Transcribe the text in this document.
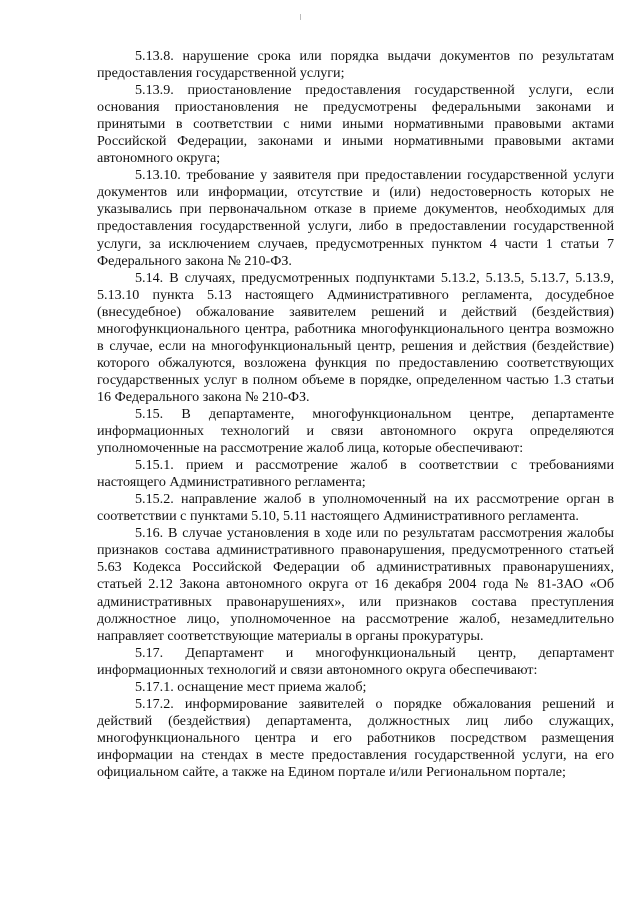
5.13.8. нарушение срока или порядка выдачи документов по результатам предоставления государственной услуги;

5.13.9. приостановление предоставления государственной услуги, если основания приостановления не предусмотрены федеральными законами и принятыми в соответствии с ними иными нормативными правовыми актами Российской Федерации, законами и иными нормативными правовыми актами автономного округа;

5.13.10. требование у заявителя при предоставлении государственной услуги документов или информации, отсутствие и (или) недостоверность которых не указывались при первоначальном отказе в приеме документов, необходимых для предоставления государственной услуги, либо в предоставлении государственной услуги, за исключением случаев, предусмотренных пунктом 4 части 1 статьи 7 Федерального закона № 210-ФЗ.

5.14. В случаях, предусмотренных подпунктами 5.13.2, 5.13.5, 5.13.7, 5.13.9, 5.13.10 пункта 5.13 настоящего Административного регламента, досудебное (внесудебное) обжалование заявителем решений и действий (бездействия) многофункционального центра, работника многофункционального центра возможно в случае, если на многофункциональный центр, решения и действия (бездействие) которого обжалуются, возложена функция по предоставлению соответствующих государственных услуг в полном объеме в порядке, определенном частью 1.3 статьи 16 Федерального закона № 210-ФЗ.

5.15. В департаменте, многофункциональном центре, департаменте информационных технологий и связи автономного округа определяются уполномоченные на рассмотрение жалоб лица, которые обеспечивают:

5.15.1. прием и рассмотрение жалоб в соответствии с требованиями настоящего Административного регламента;

5.15.2. направление жалоб в уполномоченный на их рассмотрение орган в соответствии с пунктами 5.10, 5.11 настоящего Административного регламента.

5.16. В случае установления в ходе или по результатам рассмотрения жалобы признаков состава административного правонарушения, предусмотренного статьей 5.63 Кодекса Российской Федерации об административных правонарушениях, статьей 2.12 Закона автономного округа от 16 декабря 2004 года № 81-ЗАО «Об административных правонарушениях», или признаков состава преступления должностное лицо, уполномоченное на рассмотрение жалоб, незамедлительно направляет соответствующие материалы в органы прокуратуры.

5.17. Департамент и многофункциональный центр, департамент информационных технологий и связи автономного округа обеспечивают:

5.17.1. оснащение мест приема жалоб;

5.17.2. информирование заявителей о порядке обжалования решений и действий (бездействия) департамента, должностных лиц либо служащих, многофункционального центра и его работников посредством размещения информации на стендах в месте предоставления государственной услуги, на его официальном сайте, а также на Едином портале и/или Региональном портале;
